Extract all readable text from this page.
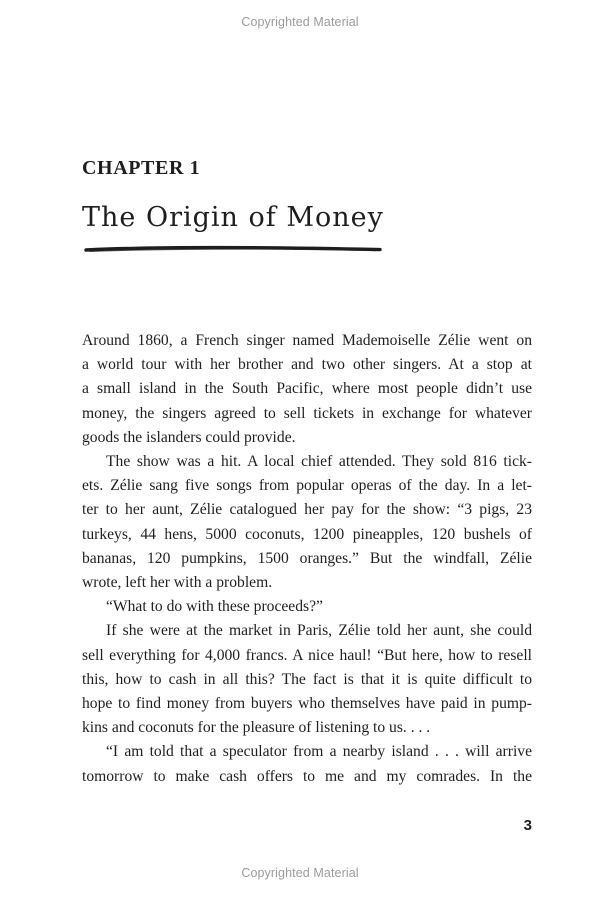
Copyrighted Material
CHAPTER 1
The Origin of Money
Around 1860, a French singer named Mademoiselle Zélie went on
a world tour with her brother and two other singers. At a stop at
a small island in the South Pacific, where most people didn’t use
money, the singers agreed to sell tickets in exchange for whatever
goods the islanders could provide.
The show was a hit. A local chief attended. They sold 816 tick-
ets. Zélie sang five songs from popular operas of the day. In a let-
ter to her aunt, Zélie catalogued her pay for the show: “3 pigs, 23
turkeys, 44 hens, 5000 coconuts, 1200 pineapples, 120 bushels of
bananas, 120 pumpkins, 1500 oranges.” But the windfall, Zélie
wrote, left her with a problem.
“What to do with these proceeds?”
If she were at the market in Paris, Zélie told her aunt, she could
sell everything for 4,000 francs. A nice haul! “But here, how to resell
this, how to cash in all this? The fact is that it is quite difficult to
hope to find money from buyers who themselves have paid in pump-
kins and coconuts for the pleasure of listening to us. . . .
“I am told that a speculator from a nearby island . . . will arrive
tomorrow to make cash offers to me and my comrades. In the
3
Copyrighted Material
